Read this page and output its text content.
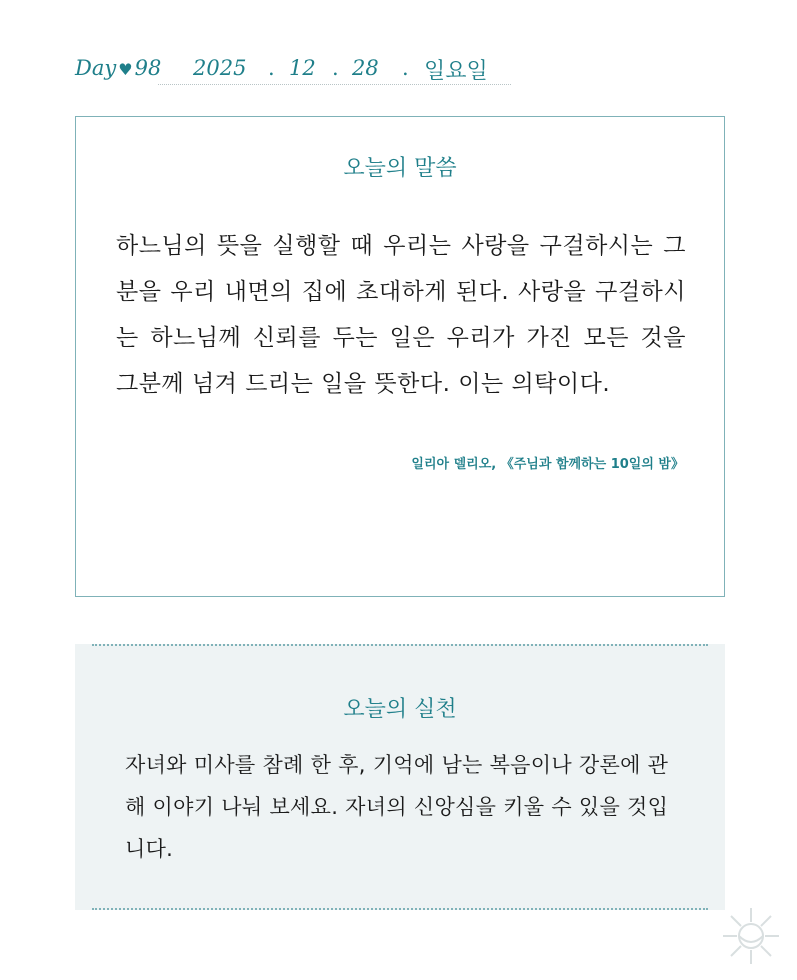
Day ♥98 2025 . 12 . 28 . 일요일
오늘의 말씀
하느님의 뜻을 실행할 때 우리는 사랑을 구걸하시는 그분을 우리 내면의 집에 초대하게 된다. 사랑을 구걸하시는 하느님께 신뢰를 두는 일은 우리가 가진 모든 것을 그분께 넘겨 드리는 일을 뜻한다. 이는 의탁이다.
일리아 델리오, 《주님과 함께하는 10일의 밤》
오늘의 실천
자녀와 미사를 참례 한 후, 기억에 남는 복음이나 강론에 관해 이야기 나눠 보세요. 자녀의 신앙심을 키울 수 있을 것입니다.
